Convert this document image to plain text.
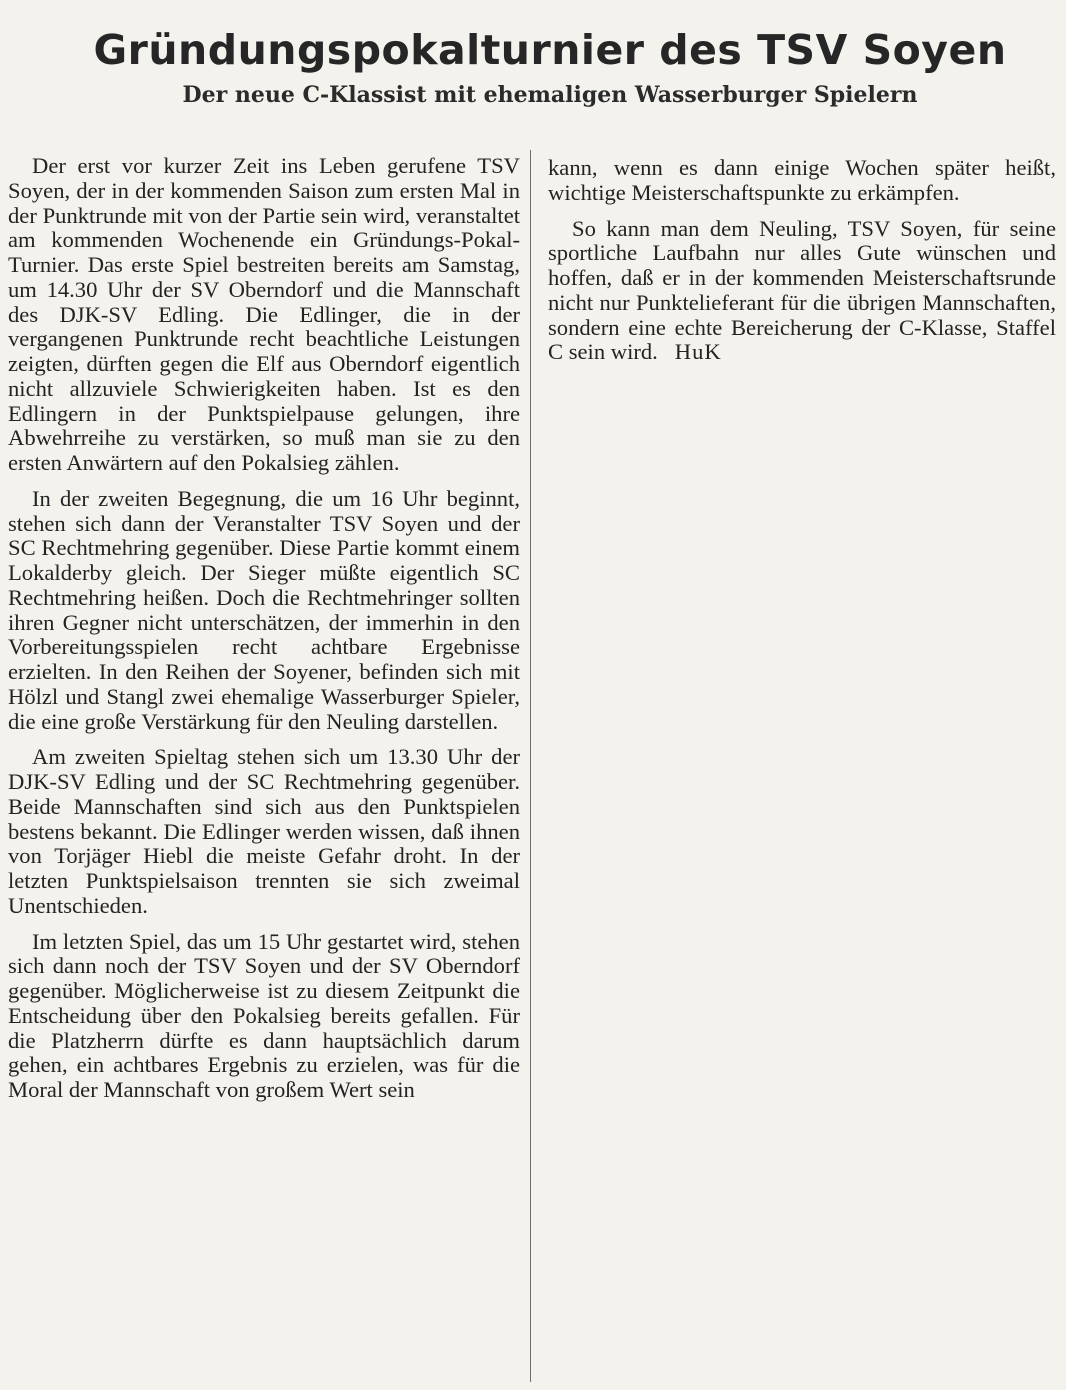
Gründungspokalturnier des TSV Soyen
Der neue C-Klassist mit ehemaligen Wasserburger Spielern

Der erst vor kurzer Zeit ins Leben gerufene TSV Soyen, der in der kommenden Saison zum ersten Mal in der Punktrunde mit von der Partie sein wird, veranstaltet am kommenden Wochenende ein Gründungs-Pokal-Turnier. Das erste Spiel bestreiten bereits am Samstag, um 14.30 Uhr der SV Oberndorf und die Mannschaft des DJK-SV Edling. Die Edlinger, die in der vergangenen Punktrunde recht beachtliche Leistungen zeigten, dürften gegen die Elf aus Oberndorf eigentlich nicht allzuviele Schwierigkeiten haben. Ist es den Edlingern in der Punktspielpause gelungen, ihre Abwehrreihe zu verstärken, so muß man sie zu den ersten Anwärtern auf den Pokalsieg zählen.

In der zweiten Begegnung, die um 16 Uhr beginnt, stehen sich dann der Veranstalter TSV Soyen und der SC Rechtmehring gegenüber. Diese Partie kommt einem Lokalderby gleich. Der Sieger müßte eigentlich SC Rechtmehring heißen. Doch die Rechtmehringer sollten ihren Gegner nicht unterschätzen, der immerhin in den Vorbereitungsspielen recht achtbare Ergebnisse erzielten. In den Reihen der Soyener, befinden sich mit Hölzl und Stangl zwei ehemalige Wasserburger Spieler, die eine große Verstärkung für den Neuling darstellen.

Am zweiten Spieltag stehen sich um 13.30 Uhr der DJK-SV Edling und der SC Rechtmehring gegenüber. Beide Mannschaften sind sich aus den Punktspielen bestens bekannt. Die Edlinger werden wissen, daß ihnen von Torjäger Hiebl die meiste Gefahr droht. In der letzten Punktspielsaison trennten sie sich zweimal Unentschieden.

Im letzten Spiel, das um 15 Uhr gestartet wird, stehen sich dann noch der TSV Soyen und der SV Oberndorf gegenüber. Möglicherweise ist zu diesem Zeitpunkt die Entscheidung über den Pokalsieg bereits gefallen. Für die Platzherrn dürfte es dann hauptsächlich darum gehen, ein achtbares Ergebnis zu erzielen, was für die Moral der Mannschaft von großem Wert sein

kann, wenn es dann einige Wochen später heißt, wichtige Meisterschaftspunkte zu erkämpfen.

So kann man dem Neuling, TSV Soyen, für seine sportliche Laufbahn nur alles Gute wünschen und hoffen, daß er in der kommenden Meisterschaftsrunde nicht nur Punktelieferant für die übrigen Mannschaften, sondern eine echte Bereicherung der C-Klasse, Staffel C sein wird. HuK
